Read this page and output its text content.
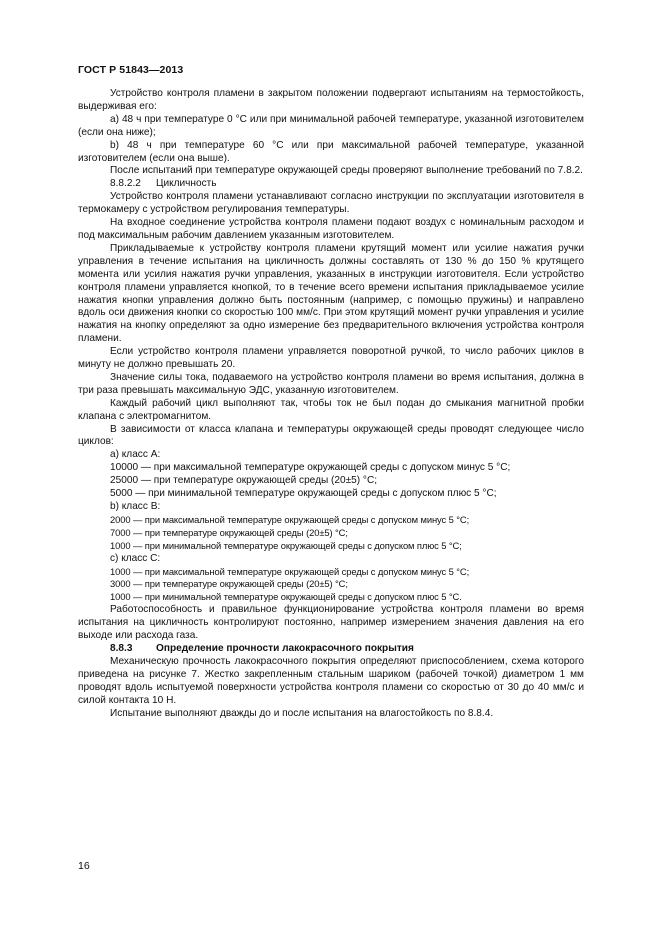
ГОСТ Р 51843—2013

Устройство контроля пламени в закрытом положении подвергают испытаниям на термостойкость, выдерживая его:

a) 48 ч при температуре 0 °С или при минимальной рабочей температуре, указанной изготовителем (если она ниже);

b) 48 ч при температуре 60 °С или при максимальной рабочей температуре, указанной изготовителем (если она выше).

После испытаний при температуре окружающей среды проверяют выполнение требований по 7.8.2.

8.8.2.2 Цикличность

Устройство контроля пламени устанавливают согласно инструкции по эксплуатации изготовителя в термокамеру с устройством регулирования температуры.

На входное соединение устройства контроля пламени подают воздух с номинальным расходом и под максимальным рабочим давлением указанным изготовителем.

Прикладываемые к устройству контроля пламени крутящий момент или усилие нажатия ручки управления в течение испытания на цикличность должны составлять от 130 % до 150 % крутящего момента или усилия нажатия ручки управления, указанных в инструкции изготовителя. Если устройство контроля пламени управляется кнопкой, то в течение всего времени испытания прикладываемое усилие нажатия кнопки управления должно быть постоянным (например, с помощью пружины) и направлено вдоль оси движения кнопки со скоростью 100 мм/с. При этом крутящий момент ручки управления и усилие нажатия на кнопку определяют за одно измерение без предварительного включения устройства контроля пламени.

Если устройство контроля пламени управляется поворотной ручкой, то число рабочих циклов в минуту не должно превышать 20.

Значение силы тока, подаваемого на устройство контроля пламени во время испытания, должна в три раза превышать максимальную ЭДС, указанную изготовителем.

Каждый рабочий цикл выполняют так, чтобы ток не был подан до смыкания магнитной пробки клапана с электромагнитом.

В зависимости от класса клапана и температуры окружающей среды проводят следующее число циклов:

а) класс А:

10000 — при максимальной температуре окружающей среды с допуском минус 5 °С;

25000 — при температуре окружающей среды (20±5) °С;

5000 — при минимальной температуре окружающей среды с допуском плюс 5 °С;

b) класс В:

2000 — при максимальной температуре окружающей среды с допуском минус 5 °С;

7000 — при температуре окружающей среды (20±5) °С;

1000 — при минимальной температуре окружающей среды с допуском плюс 5 °С;

с) класс С:

1000 — при максимальной температуре окружающей среды с допуском минус 5 °С;

3000 — при температуре окружающей среды (20±5) °С;

1000 — при минимальной температуре окружающей среды с допуском плюс 5 °С.

Работоспособность и правильное функционирование устройства контроля пламени во время испытания на цикличность контролируют постоянно, например измерением значения давления на его выходе или расхода газа.

8.8.3 Определение прочности лакокрасочного покрытия

Механическую прочность лакокрасочного покрытия определяют приспособлением, схема которого приведена на рисунке 7. Жестко закрепленным стальным шариком (рабочей точкой) диаметром 1 мм проводят вдоль испытуемой поверхности устройства контроля пламени со скоростью от 30 до 40 мм/с и силой контакта 10 Н.

Испытание выполняют дважды до и после испытания на влагостойкость по 8.8.4.

16
